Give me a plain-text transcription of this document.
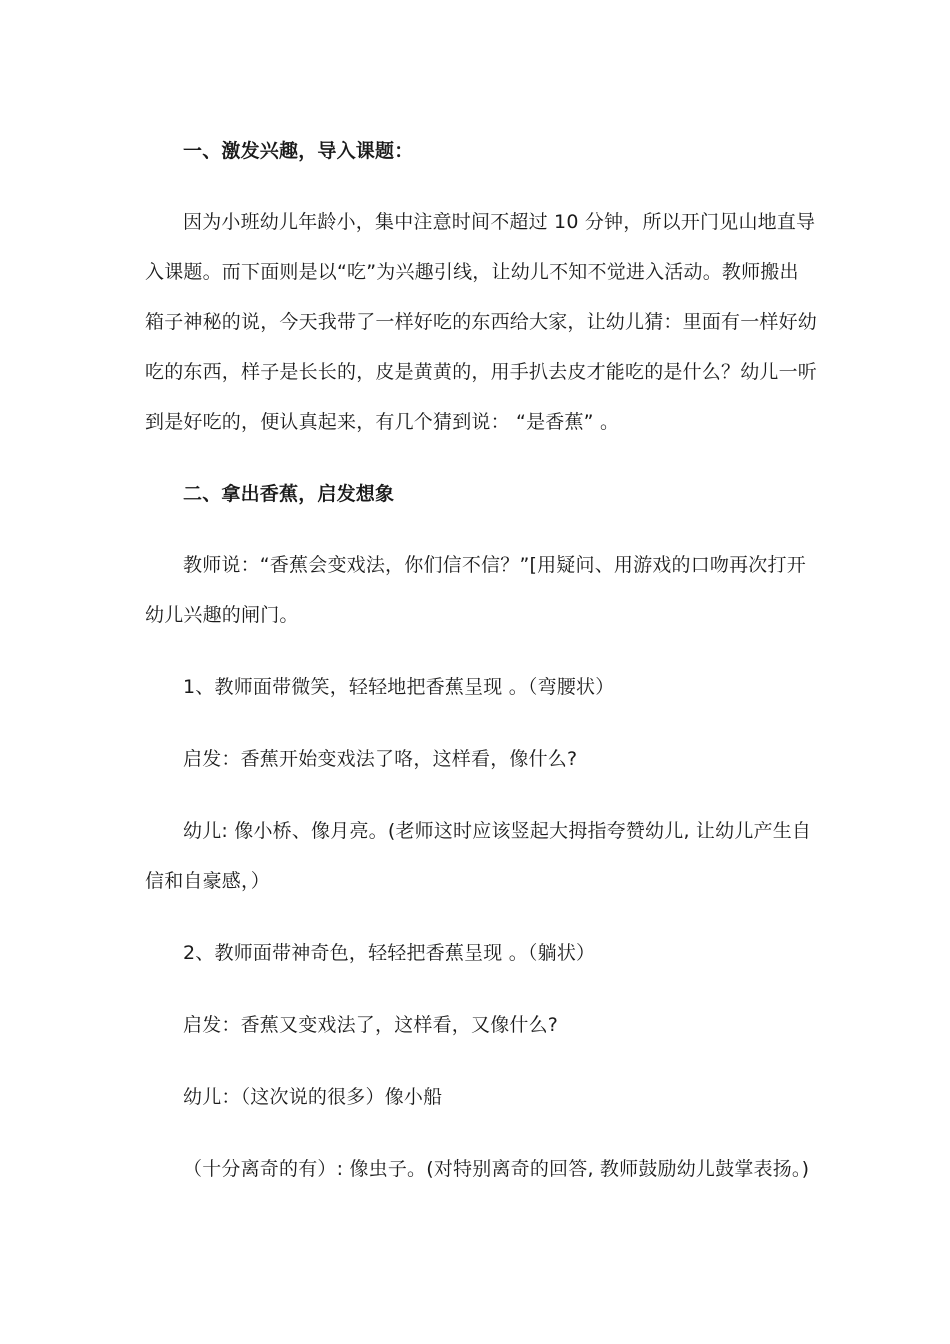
一、激发兴趣，导入课题：
因为小班幼儿年龄小，集中注意时间不超过 10 分钟，所以开门见山地直导
入课题。而下面则是以“吃”为兴趣引线，让幼儿不知不觉进入活动。教师搬出
箱子神秘的说，今天我带了一样好吃的东西给大家，让幼儿猜：里面有一样好幼
吃的东西，样子是长长的，皮是黄黄的，用手扒去皮才能吃的是什么？幼儿一听
到是好吃的，便认真起来，有几个猜到说： “是香蕉” 。
二、拿出香蕉，启发想象
教师说：“香蕉会变戏法，你们信不信？”[用疑问、用游戏的口吻再次打开
幼儿兴趣的闸门。
1、教师面带微笑，轻轻地把香蕉呈现 。（弯腰状）
启发：香蕉开始变戏法了咯，这样看，像什么?
幼儿: 像小桥、像月亮。(老师这时应该竖起大拇指夸赞幼儿, 让幼儿产生自
信和自豪感，）
2、教师面带神奇色，轻轻把香蕉呈现 。（躺状）
启发：香蕉又变戏法了，这样看，又像什么?
幼儿：（这次说的很多）像小船
（十分离奇的有）: 像虫子。(对特别离奇的回答, 教师鼓励幼儿鼓掌表扬。)
